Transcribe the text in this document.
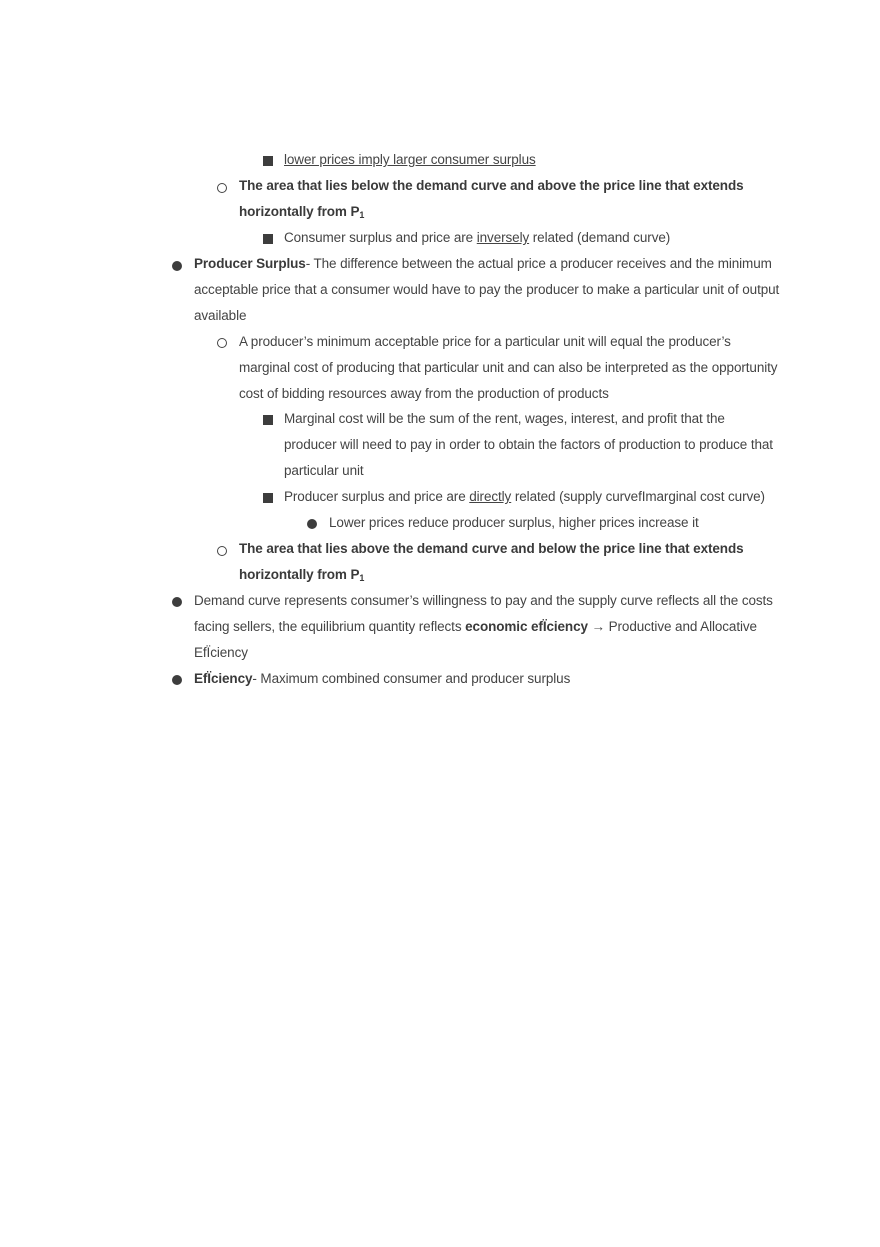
lower prices imply larger consumer surplus
The area that lies below the demand curve and above the price line that extends
horizontally from $P_1$
Consumer surplus and price are inversely related (demand curve)
Producer Surplus- The difference between the actual price a producer receives and the minimum
acceptable price that a consumer would have to pay the producer to make a particular unit of output
available
A producer’s minimum acceptable price for a particular unit will equal the producer’s
marginal cost of producing that particular unit and can also be interpreted as the opportunity
cost of bidding resources away from the production of products
Marginal cost will be the sum of the rent, wages, interest, and profit that the
producer will need to pay in order to obtain the factors of production to produce that
particular unit
Producer surplus and price are directly related (supply curvefImarginal cost curve)
Lower prices reduce producer surplus, higher prices increase it
The area that lies above the demand curve and below the price line that extends
horizontally from $P_1$
Demand curve represents consumer’s willingness to pay and the supply curve reflects all the costs
facing sellers, the equilibrium quantity reflects economic efÏciency → Productive and Allocative
EfÏciency
EfÏciency- Maximum combined consumer and producer surplus
